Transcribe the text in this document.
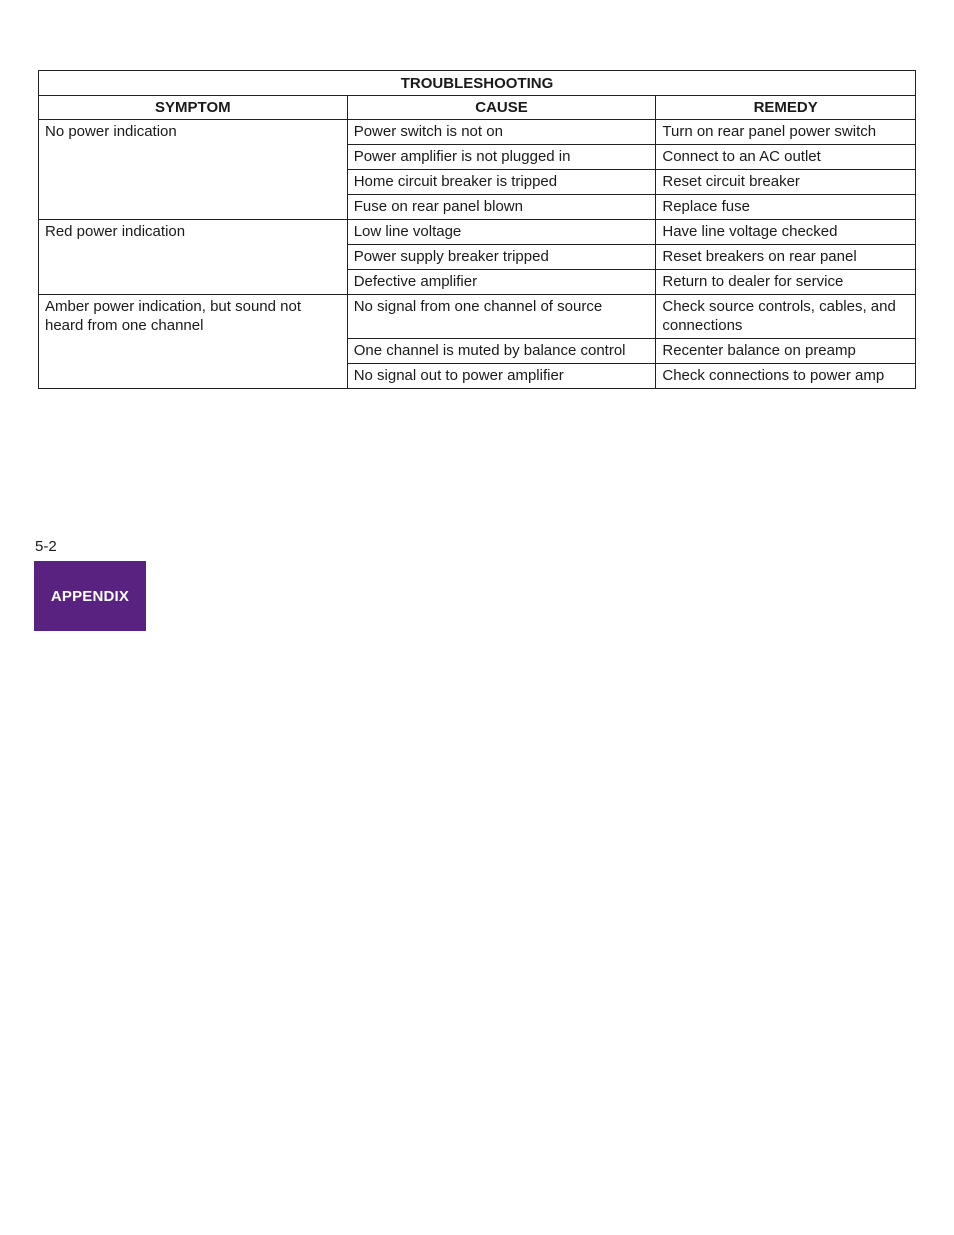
TROUBLESHOOTING		
SYMPTOM	CAUSE	REMEDY
No power indication	Power switch is not on	Turn on rear panel power switch
	Power amplifier is not plugged in	Connect to an AC outlet
	Home circuit breaker is tripped	Reset circuit breaker
	Fuse on rear panel blown	Replace fuse
Red power indication	Low line voltage	Have line voltage checked
	Power supply breaker tripped	Reset breakers on rear panel
	Defective amplifier	Return to dealer for service
Amber power indication, but sound not heard from one channel	No signal from one channel of source	Check source controls, cables, and connections
	One channel is muted by balance control	Recenter balance on preamp
	No signal out to power amplifier	Check connections to power amp
5-2
APPENDIX
